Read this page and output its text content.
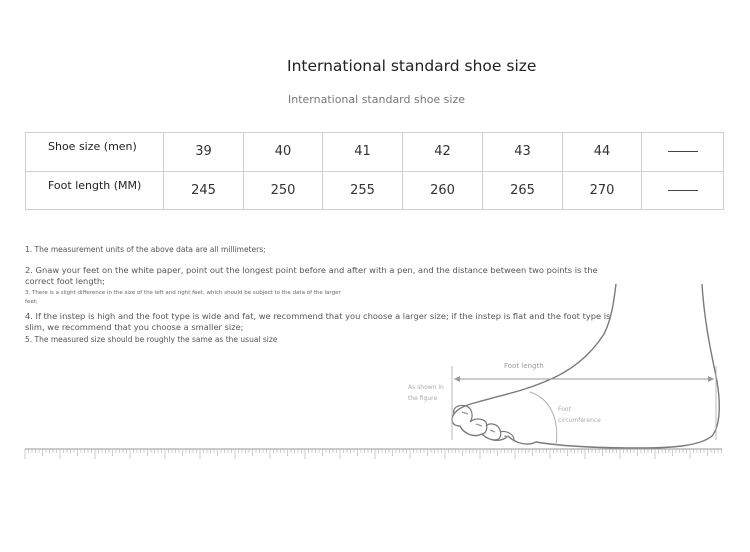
International standard shoe size
International standard shoe size
Shoe size (men)	39	40	41	42	43	44	
Foot length (MM)	245	250	255	260	265	270	
1. The measurement units of the above data are all millimeters;
2. Gnaw your feet on the white paper, point out the longest point before and after with a pen, and the distance between two points is the correct foot length;
3. There is a slight difference in the size of the left and right feet, which should be subject to the data of the larger feet;
4. If the instep is high and the foot type is wide and fat, we recommend that you choose a larger size; if the instep is flat and the foot type is slim, we recommend that you choose a smaller size;
5. The measured size should be roughly the same as the usual size
Foot length
As shown in
the figure
Foot
circumference
